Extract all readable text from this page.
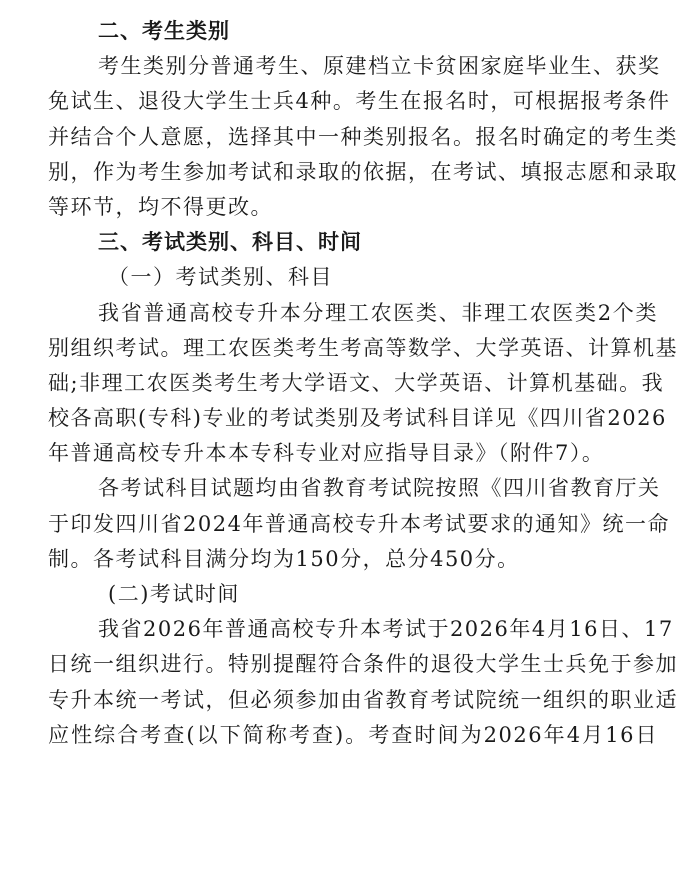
二、考生类别
考生类别分普通考生、原建档立卡贫困家庭毕业生、获奖
免试生、退役大学生士兵4种。考生在报名时，可根据报考条件
并结合个人意愿，选择其中一种类别报名。报名时确定的考生类
别，作为考生参加考试和录取的依据，在考试、填报志愿和录取
等环节，均不得更改。
三、考试类别、科目、时间
（一）考试类别、科目
我省普通高校专升本分理工农医类、非理工农医类2个类
别组织考试。理工农医类考生考高等数学、大学英语、计算机基
础;非理工农医类考生考大学语文、大学英语、计算机基础。我
校各高职(专科)专业的考试类别及考试科目详见《四川省2026
年普通高校专升本本专科专业对应指导目录》（附件7）。
各考试科目试题均由省教育考试院按照《四川省教育厅关
于印发四川省2024年普通高校专升本考试要求的通知》统一命
制。各考试科目满分均为150分，总分450分。
(二)考试时间
我省2026年普通高校专升本考试于2026年4月16日、17
日统一组织进行。特别提醒符合条件的退役大学生士兵免于参加
专升本统一考试，但必须参加由省教育考试院统一组织的职业适
应性综合考查(以下简称考查)。考查时间为2026年4月16日
